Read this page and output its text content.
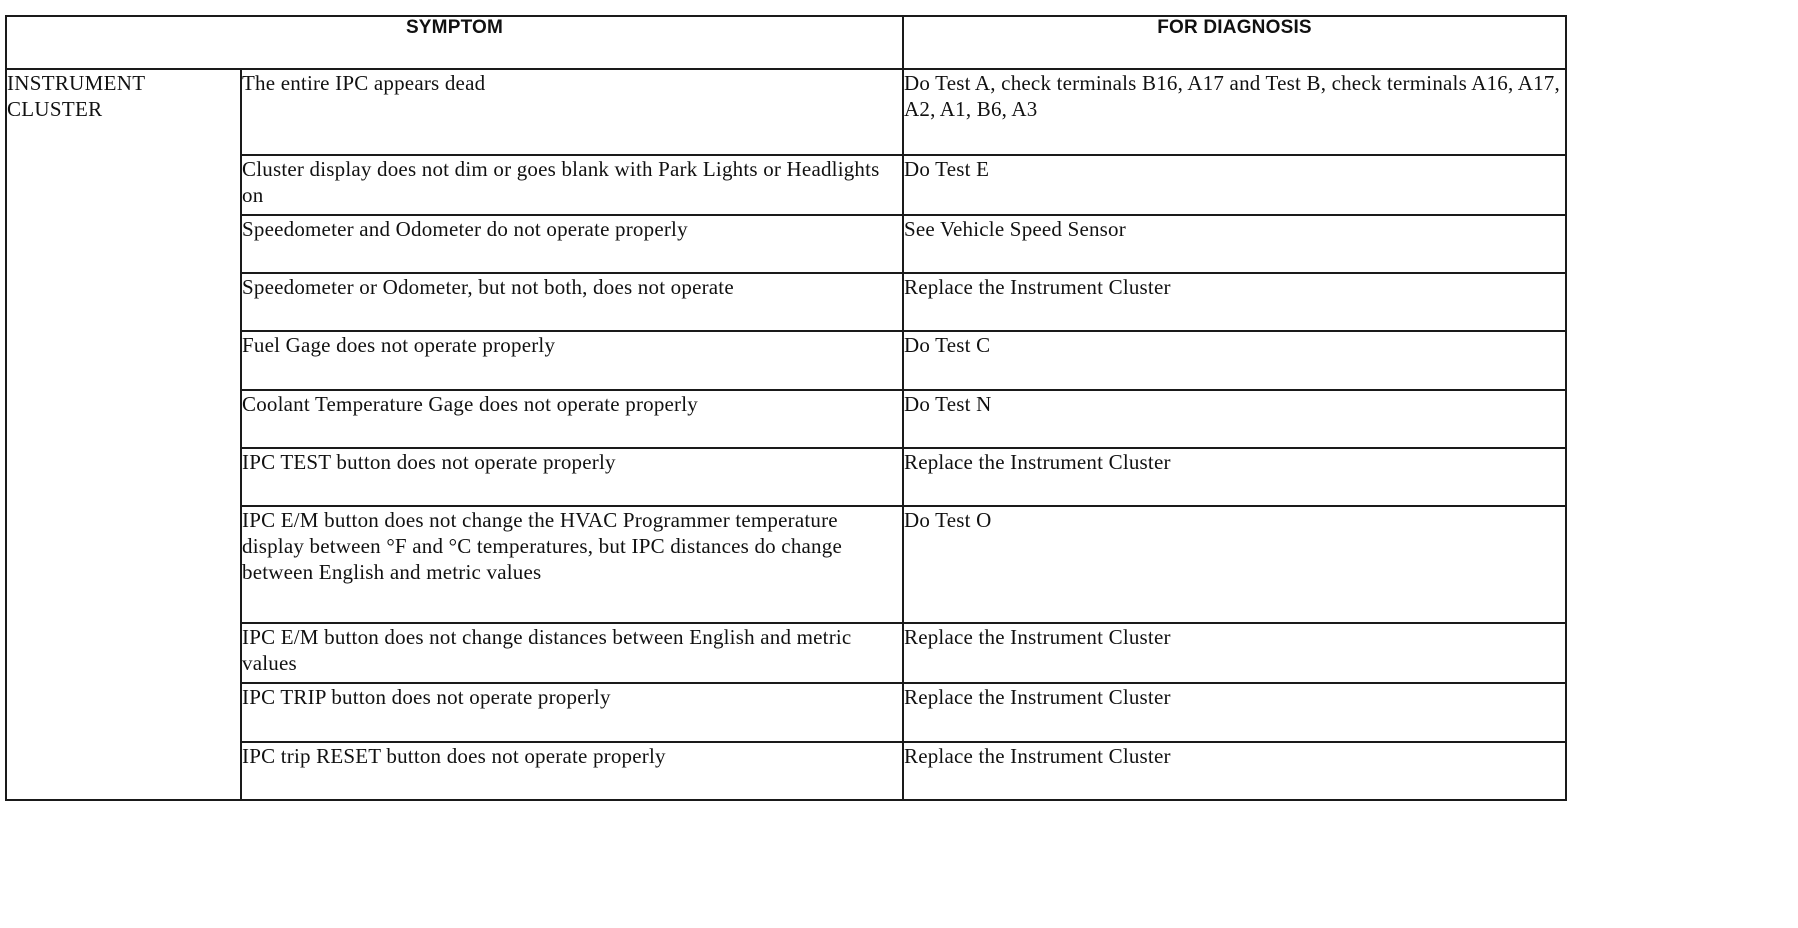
SYMPTOM		FOR DIAGNOSIS

INSTRUMENT
CLUSTER	The entire IPC appears dead	Do Test A, check terminals B16, A17 and Test B, check terminals A16, A17, A2, A1, B6, A3
	Cluster display does not dim or goes blank with Park Lights or Headlights on	Do Test E
	Speedometer and Odometer do not operate properly	See Vehicle Speed Sensor
	Speedometer or Odometer, but not both, does not operate	Replace the Instrument Cluster
	Fuel Gage does not operate properly	Do Test C
	Coolant Temperature Gage does not operate properly	Do Test N
	IPC TEST button does not operate properly	Replace the Instrument Cluster
	IPC E/M button does not change the HVAC Programmer temperature display between °F and °C temperatures, but IPC distances do change between English and metric values	Do Test O
	IPC E/M button does not change distances between English and metric values	Replace the Instrument Cluster
	IPC TRIP button does not operate properly	Replace the Instrument Cluster
	IPC trip RESET button does not operate properly	Replace the Instrument Cluster
